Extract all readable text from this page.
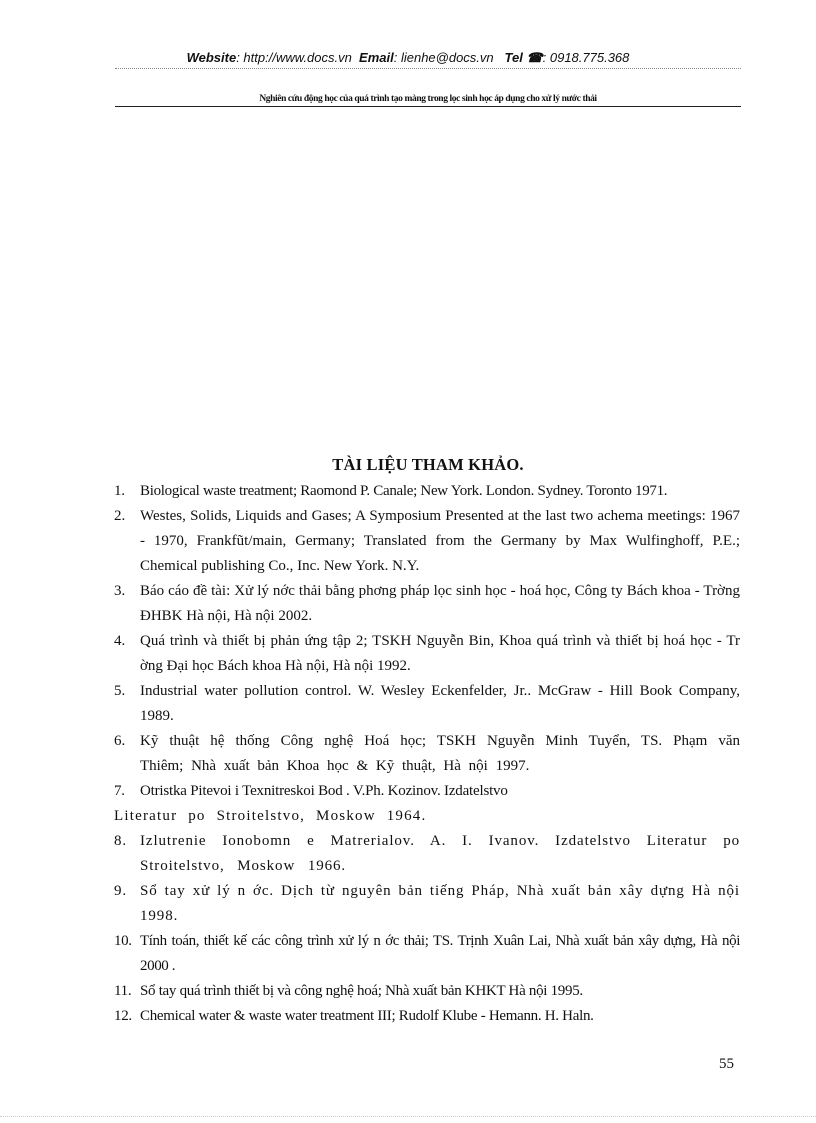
Website: http://www.docs.vn Email: lienhe@docs.vn Tel ☎: 0918.775.368
Nghiên cứu động học của quá trình tạo màng trong lọc sinh học áp dụng cho xử lý nước thải
TÀI LIỆU THAM KHẢO.
1. Biological waste treatment; Raomond P. Canale; New York. London. Sydney. Toronto 1971.
2. Westes, Solids, Liquids and Gases; A Symposium Presented at the last two achema meetings: 1967 - 1970, Frankfũt/main, Germany; Translated from the Germany by Max Wulfinghoff, P.E.; Chemical publishing Co., Inc. New York. N.Y.
3. Báo cáo đề tài: Xử lý nớc thải bằng phơng pháp lọc sinh học - hoá học, Công ty Bách khoa - Trờng ĐHBK Hà nội, Hà nội 2002.
4. Quá trình và thiết bị phản ứng tập 2; TSKH Nguyễn Bin, Khoa quá trình và thiết bị hoá học - Tr ờng Đại học Bách khoa Hà nội, Hà nội 1992.
5. Industrial water pollution control. W. Wesley Eckenfelder, Jr.. McGraw - Hill Book Company, 1989.
6. Kỹ thuật hệ thống Công nghệ Hoá học; TSKH Nguyễn Minh Tuyển, TS. Phạm văn Thiêm; Nhà xuất bản Khoa học & Kỹ thuật, Hà nội 1997.
7. Otristka Pitevoi i Texnitreskoi Bod . V.Ph. Kozinov. Izdatelstvo
Literatur po Stroitelstvo, Moskow 1964.
8. Izlutrenie Ionobomn e Matrerialov. A. I. Ivanov. Izdatelstvo Literatur po Stroitelstvo, Moskow 1966.
9. Sổ tay xử lý n ớc. Dịch từ nguyên bản tiếng Pháp, Nhà xuất bản xây dựng Hà nội 1998.
10. Tính toán, thiết kế các công trình xử lý n ớc thải; TS. Trịnh Xuân Lai, Nhà xuất bản xây dựng, Hà nội 2000 .
11. Sổ tay quá trình thiết bị và công nghệ hoá; Nhà xuất bản KHKT Hà nội 1995.
12. Chemical water & waste water treatment III; Rudolf Klube - Hemann. H. Haln.
55
